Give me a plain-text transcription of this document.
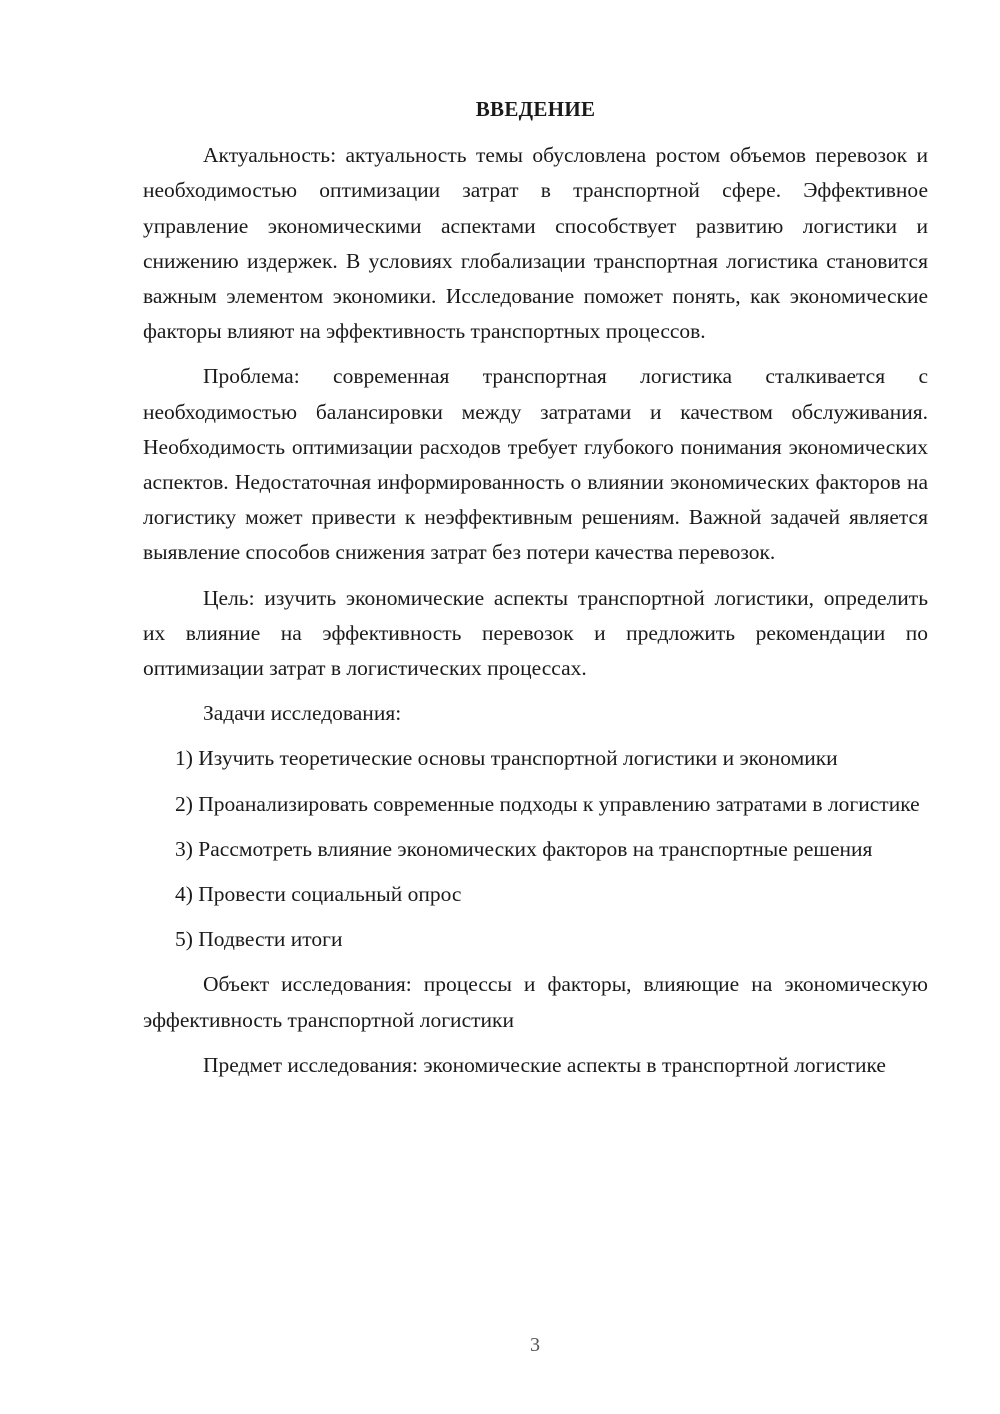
ВВЕДЕНИЕ

Актуальность: актуальность темы обусловлена ростом объемов перевозок и необходимостью оптимизации затрат в транспортной сфере. Эффективное управление экономическими аспектами способствует развитию логистики и снижению издержек. В условиях глобализации транспортная логистика становится важным элементом экономики. Исследование поможет понять, как экономические факторы влияют на эффективность транспортных процессов.

Проблема: современная транспортная логистика сталкивается с необходимостью балансировки между затратами и качеством обслуживания. Необходимость оптимизации расходов требует глубокого понимания экономических аспектов. Недостаточная информированность о влиянии экономических факторов на логистику может привести к неэффективным решениям. Важной задачей является выявление способов снижения затрат без потери качества перевозок.

Цель: изучить экономические аспекты транспортной логистики, определить их влияние на эффективность перевозок и предложить рекомендации по оптимизации затрат в логистических процессах.

Задачи исследования:

1) Изучить теоретические основы транспортной логистики и экономики

2) Проанализировать современные подходы к управлению затратами в логистике

3) Рассмотреть влияние экономических факторов на транспортные решения

4) Провести социальный опрос

5) Подвести итоги

Объект исследования: процессы и факторы, влияющие на экономическую эффективность транспортной логистики

Предмет исследования: экономические аспекты в транспортной логистике

3
